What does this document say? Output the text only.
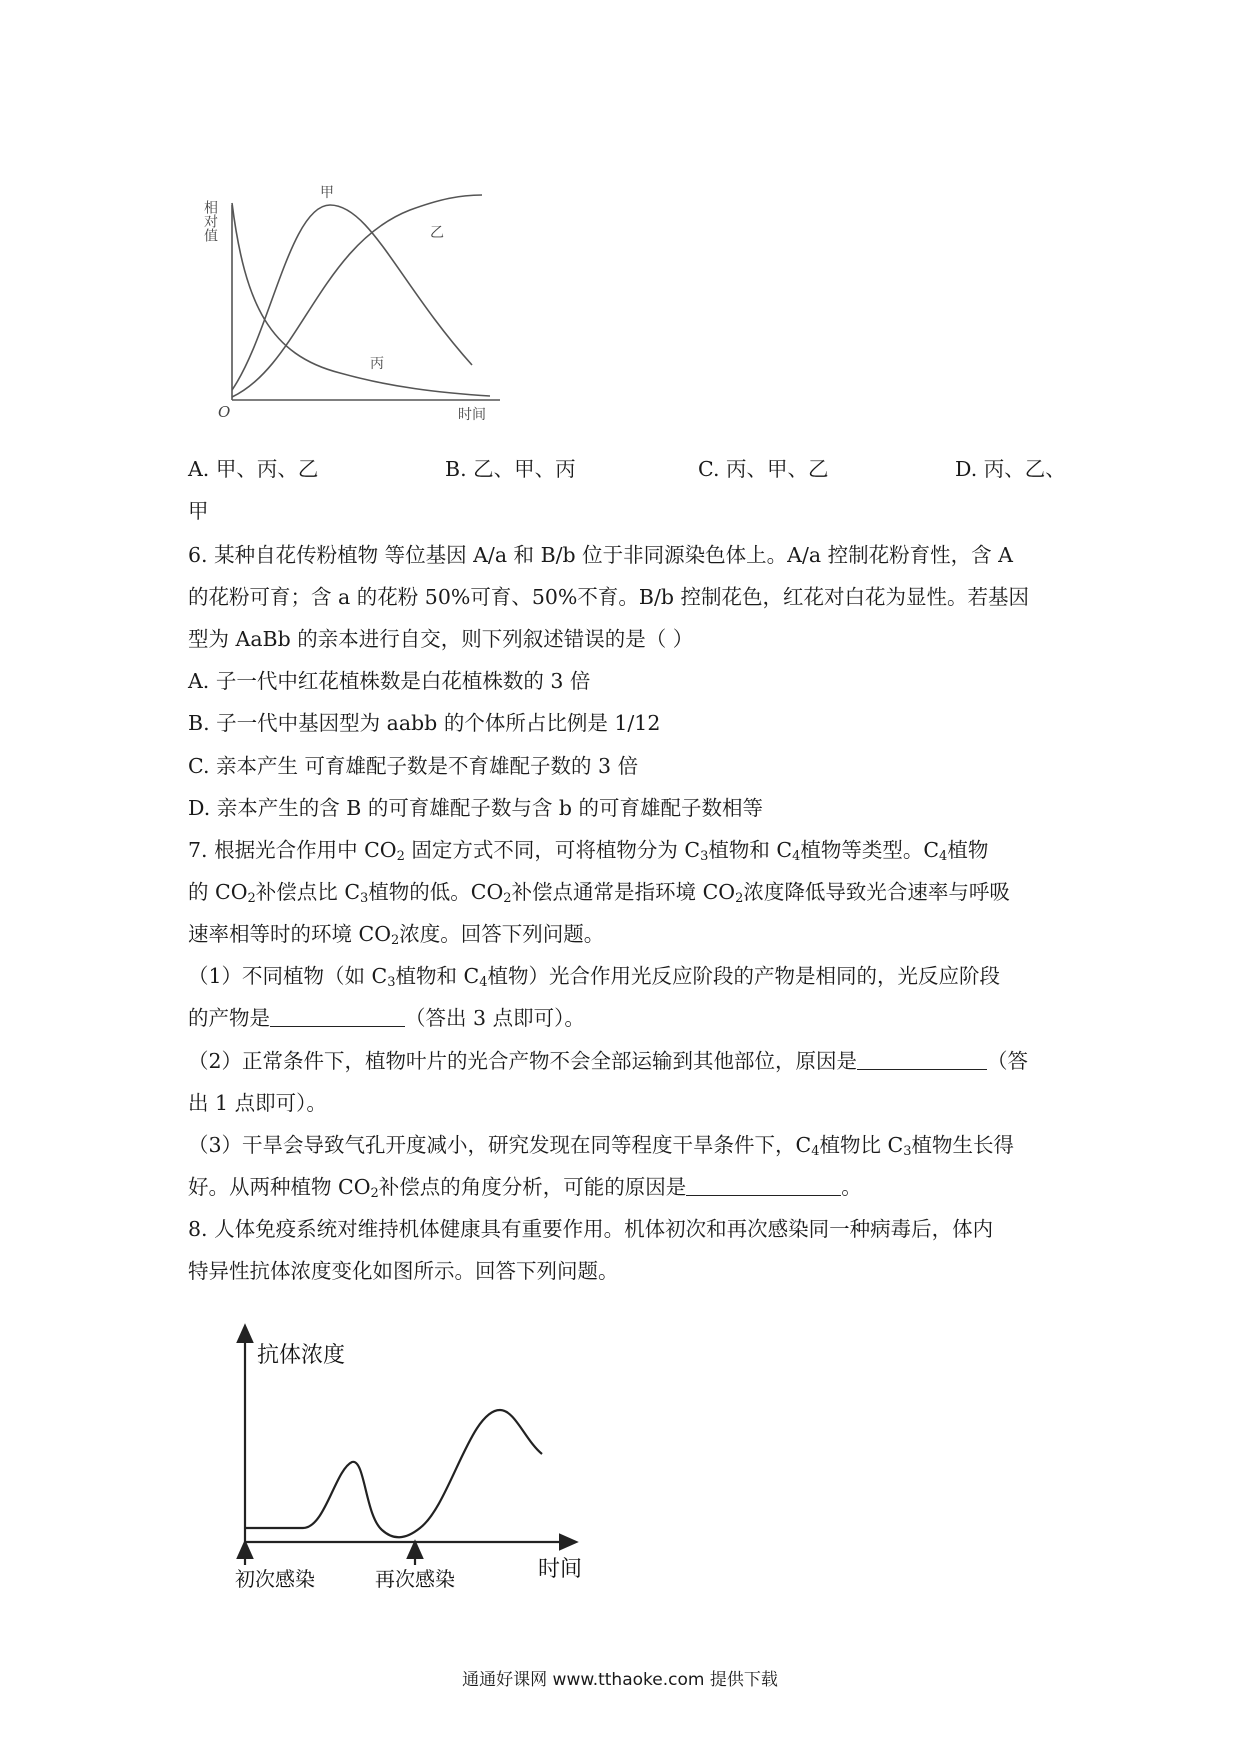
相对值
O	时间
甲
乙
丙
A. 甲、丙、乙	B. 乙、甲、丙	C. 丙、甲、乙	D. 丙、乙、
甲
6. 某种自花传粉植物 等位基因 A/a 和 B/b 位于非同源染色体上。A/a 控制花粉育性，含 A
的花粉可育；含 a 的花粉 50%可育、50%不育。B/b 控制花色，红花对白花为显性。若基因
型为 AaBb 的亲本进行自交，则下列叙述错误的是（ ）
A. 子一代中红花植株数是白花植株数的 3 倍
B. 子一代中基因型为 aabb 的个体所占比例是 1/12
C. 亲本产生 可育雄配子数是不育雄配子数的 3 倍
D. 亲本产生的含 B 的可育雄配子数与含 b 的可育雄配子数相等
7. 根据光合作用中 $CO_2$ 固定方式不同，可将植物分为 $C_3$植物和 $C_4$植物等类型。$C_4$植物
的 $CO_2$补偿点比 $C_3$植物的低。$CO_2$补偿点通常是指环境 $CO_2$浓度降低导致光合速率与呼吸
速率相等时的环境 $CO_2$浓度。回答下列问题。
（1）不同植物（如 $C_3$植物和 $C_4$植物）光合作用光反应阶段的产物是相同的，光反应阶段
的产物是	（答出 3 点即可）。
（2）正常条件下，植物叶片的光合产物不会全部运输到其他部位，原因是	（答
出 1 点即可）。
（3）干旱会导致气孔开度减小，研究发现在同等程度干旱条件下，$C_4$植物比 $C_3$植物生长得
好。从两种植物 $CO_2$补偿点的角度分析，可能的原因是	。
8. 人体免疫系统对维持机体健康具有重要作用。机体初次和再次感染同一种病毒后，体内
特异性抗体浓度变化如图所示。回答下列问题。
抗体浓度
时间
初次感染	再次感染
通通好课网 www.tthaoke.com 提供下载
